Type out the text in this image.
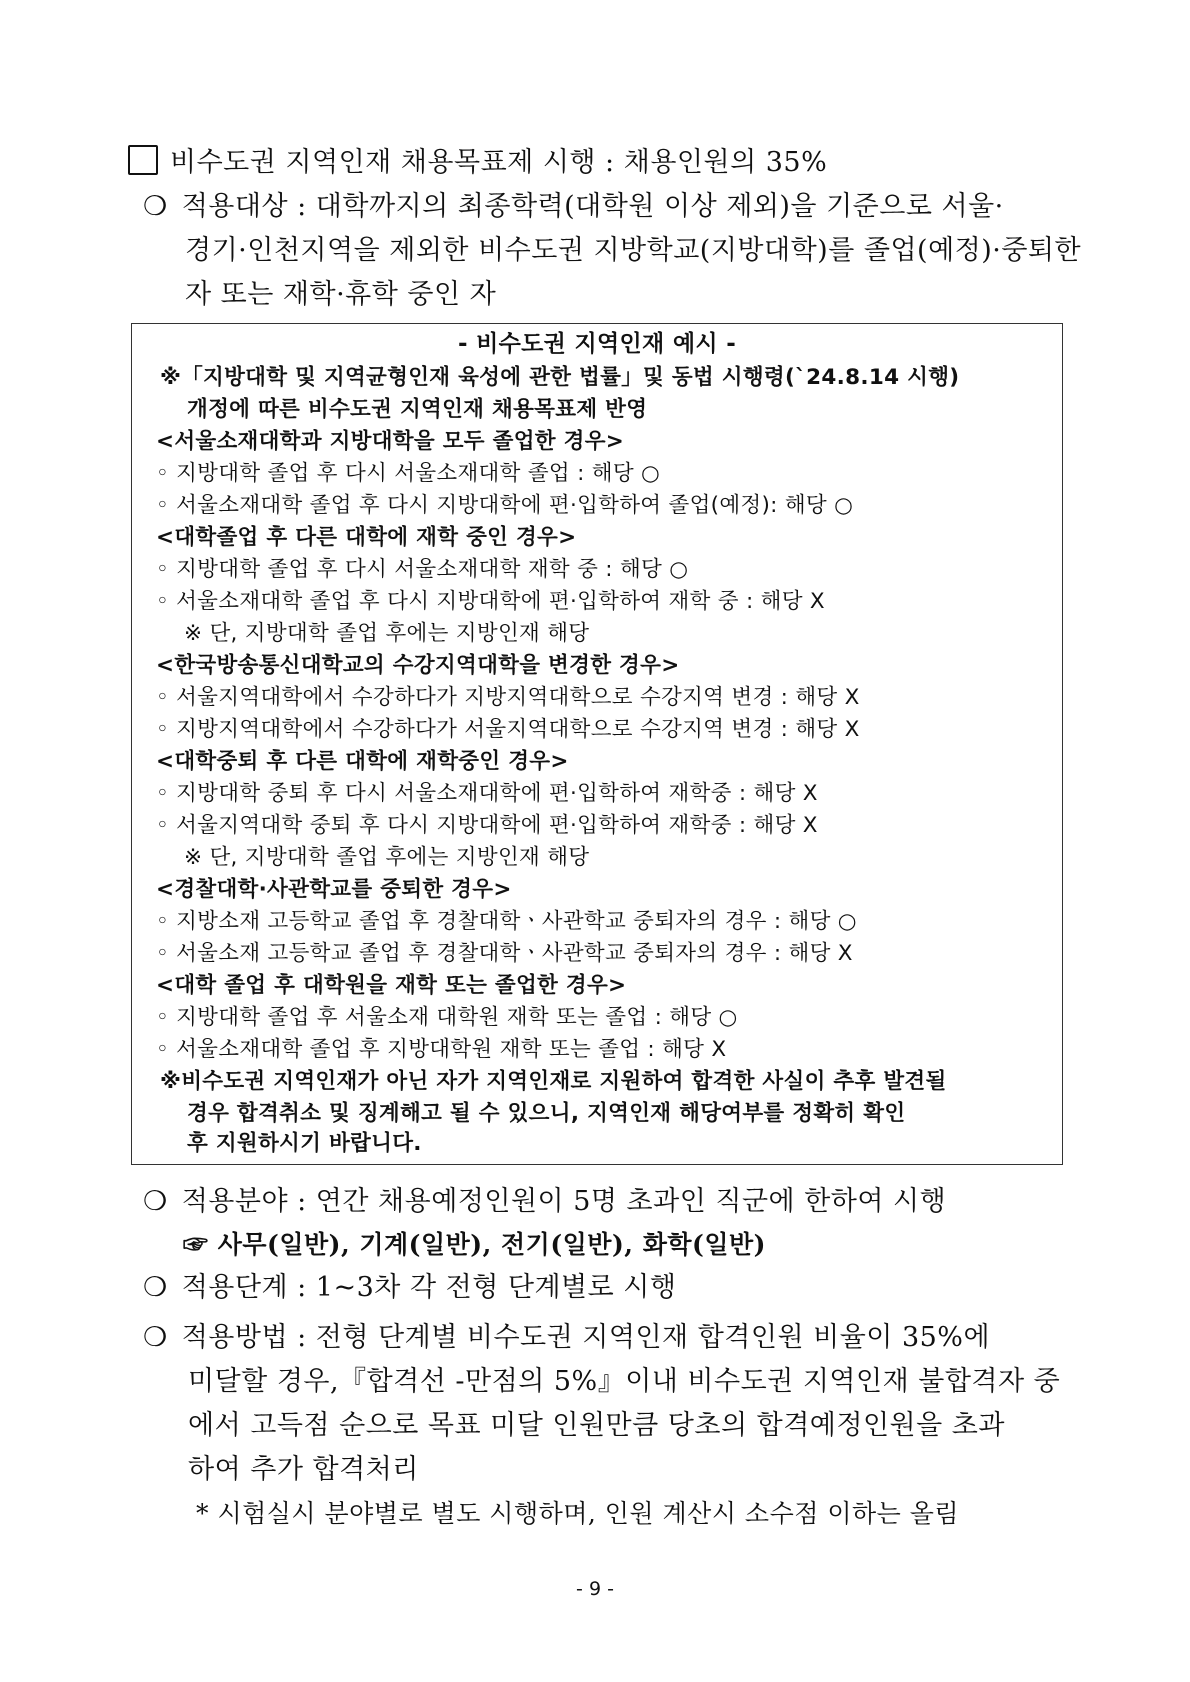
비수도권 지역인재 채용목표제 시행 : 채용인원의 35%
❍ 적용대상 : 대학까지의 최종학력(대학원 이상 제외)을 기준으로 서울·
경기·인천지역을 제외한 비수도권 지방학교(지방대학)를 졸업(예정)·중퇴한
자 또는 재학·휴학 중인 자
- 비수도권 지역인재 예시 -
※「지방대학 및 지역균형인재 육성에 관한 법률」및 동법 시행령(`24.8.14 시행)
개정에 따른 비수도권 지역인재 채용목표제 반영
<서울소재대학과 지방대학을 모두 졸업한 경우>
◦ 지방대학 졸업 후 다시 서울소재대학 졸업 : 해당 ○
◦ 서울소재대학 졸업 후 다시 지방대학에 편·입학하여 졸업(예정): 해당 ○
<대학졸업 후 다른 대학에 재학 중인 경우>
◦ 지방대학 졸업 후 다시 서울소재대학 재학 중 : 해당 ○
◦ 서울소재대학 졸업 후 다시 지방대학에 편·입학하여 재학 중 : 해당 X
※ 단, 지방대학 졸업 후에는 지방인재 해당
<한국방송통신대학교의 수강지역대학을 변경한 경우>
◦ 서울지역대학에서 수강하다가 지방지역대학으로 수강지역 변경 : 해당 X
◦ 지방지역대학에서 수강하다가 서울지역대학으로 수강지역 변경 : 해당 X
<대학중퇴 후 다른 대학에 재학중인 경우>
◦ 지방대학 중퇴 후 다시 서울소재대학에 편·입학하여 재학중 : 해당 X
◦ 서울지역대학 중퇴 후 다시 지방대학에 편·입학하여 재학중 : 해당 X
※ 단, 지방대학 졸업 후에는 지방인재 해당
<경찰대학·사관학교를 중퇴한 경우>
◦ 지방소재 고등학교 졸업 후 경찰대학ㆍ사관학교 중퇴자의 경우 : 해당 ○
◦ 서울소재 고등학교 졸업 후 경찰대학ㆍ사관학교 중퇴자의 경우 : 해당 X
<대학 졸업 후 대학원을 재학 또는 졸업한 경우>
◦ 지방대학 졸업 후 서울소재 대학원 재학 또는 졸업 : 해당 ○
◦ 서울소재대학 졸업 후 지방대학원 재학 또는 졸업 : 해당 X
※비수도권 지역인재가 아닌 자가 지역인재로 지원하여 합격한 사실이 추후 발견될
경우 합격취소 및 징계해고 될 수 있으니, 지역인재 해당여부를 정확히 확인
후 지원하시기 바랍니다.
❍ 적용분야 : 연간 채용예정인원이 5명 초과인 직군에 한하여 시행
☞ 사무(일반), 기계(일반), 전기(일반), 화학(일반)
❍ 적용단계 : 1~3차 각 전형 단계별로 시행
❍ 적용방법 : 전형 단계별 비수도권 지역인재 합격인원 비율이 35%에
미달할 경우,『합격선 -만점의 5%』이내 비수도권 지역인재 불합격자 중
에서 고득점 순으로 목표 미달 인원만큼 당초의 합격예정인원을 초과
하여 추가 합격처리
* 시험실시 분야별로 별도 시행하며, 인원 계산시 소수점 이하는 올림
- 9 -
